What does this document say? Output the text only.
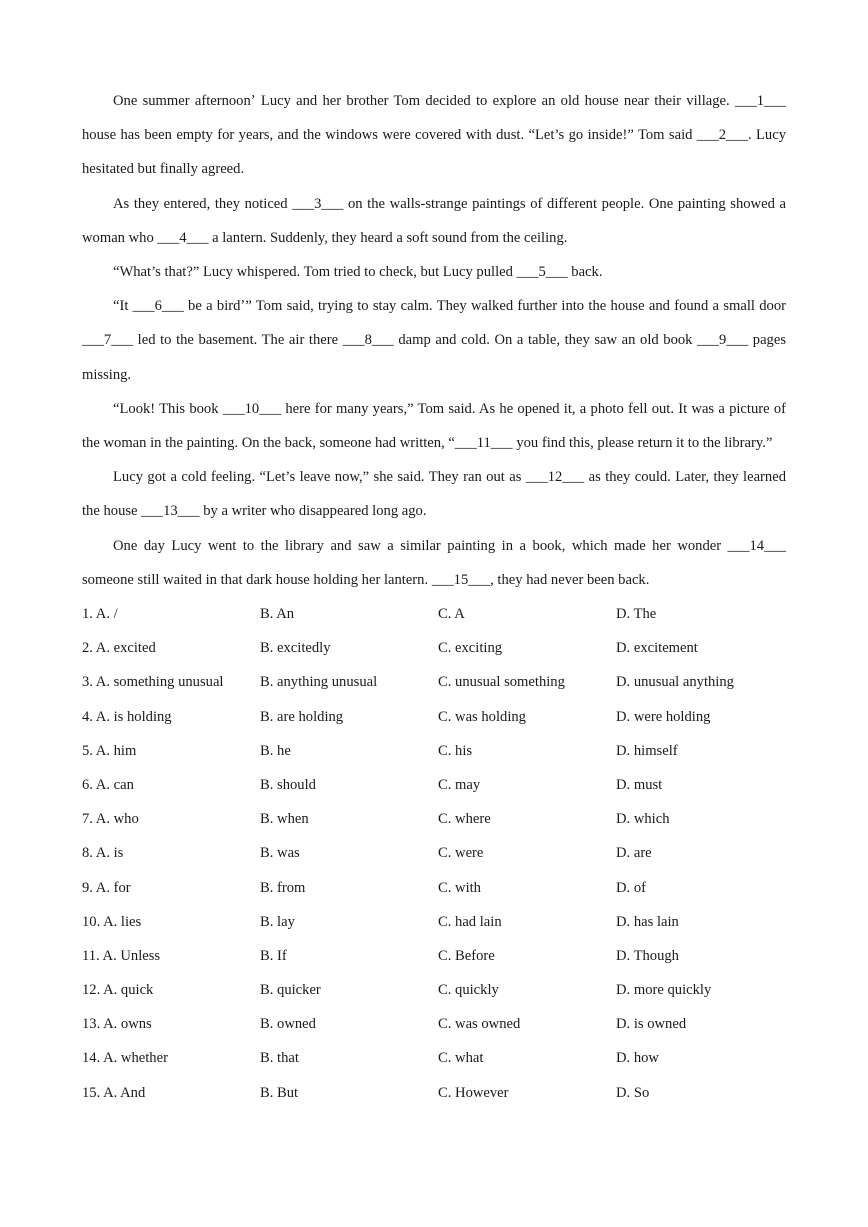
One summer afternoonʼ Lucy and her brother Tom decided to explore an old house near their village. ___1___ house has been empty for years, and the windows were covered with dust. “Let’s go inside!” Tom said ___2___. Lucy hesitated but finally agreed.

As they entered, they noticed ___3___ on the walls-strange paintings of different people. One painting showed a woman who ___4___ a lantern. Suddenly, they heard a soft sound from the ceiling.

“What’s that?” Lucy whispered. Tom tried to check, but Lucy pulled ___5___ back.

“It ___6___ be a birdʼ” Tom said, trying to stay calm. They walked further into the house and found a small door ___7___ led to the basement. The air there ___8___ damp and cold. On a table, they saw an old book ___9___ pages missing.

“Look! This book ___10___ here for many years,” Tom said. As he opened it, a photo fell out. It was a picture of the woman in the painting. On the back, someone had written, “___11___ you find this, please return it to the library.”

Lucy got a cold feeling. “Let’s leave now,” she said. They ran out as ___12___ as they could. Later, they learned the house ___13___ by a writer who disappeared long ago.

One day Lucy went to the library and saw a similar painting in a book, which made her wonder ___14___ someone still waited in that dark house holding her lantern. ___15___, they had never been back.

1. A. /	B. An	C. A	D. The
2. A. excited	B. excitedly	C. exciting	D. excitement
3. A. something unusual	B. anything unusual	C. unusual something	D. unusual anything
4. A. is holding	B. are holding	C. was holding	D. were holding
5. A. him	B. he	C. his	D. himself
6. A. can	B. should	C. may	D. must
7. A. who	B. when	C. where	D. which
8. A. is	B. was	C. were	D. are
9. A. for	B. from	C. with	D. of
10. A. lies	B. lay	C. had lain	D. has lain
11. A. Unless	B. If	C. Before	D. Though
12. A. quick	B. quicker	C. quickly	D. more quickly
13. A. owns	B. owned	C. was owned	D. is owned
14. A. whether	B. that	C. what	D. how
15. A. And	B. But	C. However	D. So
